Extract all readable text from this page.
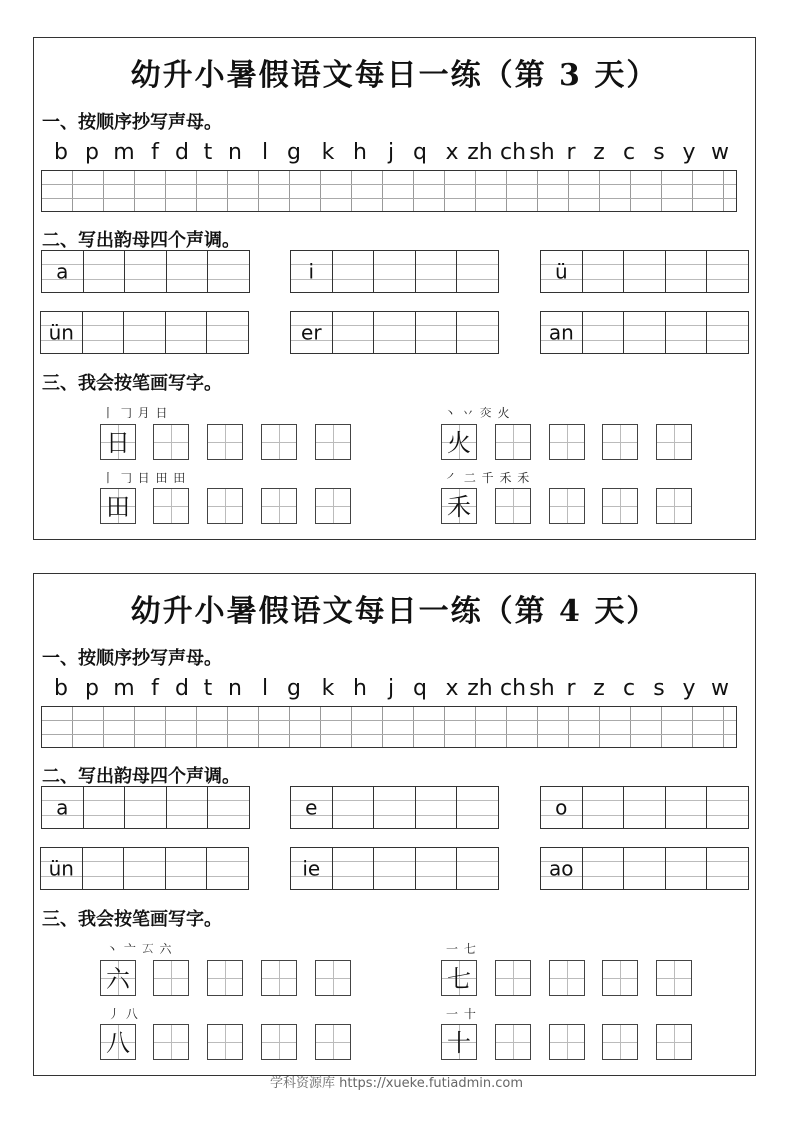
幼升小暑假语文每日一练（第 3 天）
一、按顺序抄写声母。
b p m f d t n l g k h j q x zh ch sh r z c s y w
二、写出韵母四个声调。
a	i	ü
ün	er	an
三、我会按笔画写字。
丨 𠃌 月 日
日
丶 丷 𤆍 火
火
丨 𠃌 日 田 田
田
㇒ 二 千 禾 禾
禾
幼升小暑假语文每日一练（第 4 天）
一、按顺序抄写声母。
b p m f d t n l g k h j q x zh ch sh r z c s y w
二、写出韵母四个声调。
a	e	o
ün	ie	ao
三、我会按笔画写字。
丶 亠 𠫔 六
六
一 七
七
丿 八
八
一 十
十
学科资源库 https://xueke.futiadmin.com
